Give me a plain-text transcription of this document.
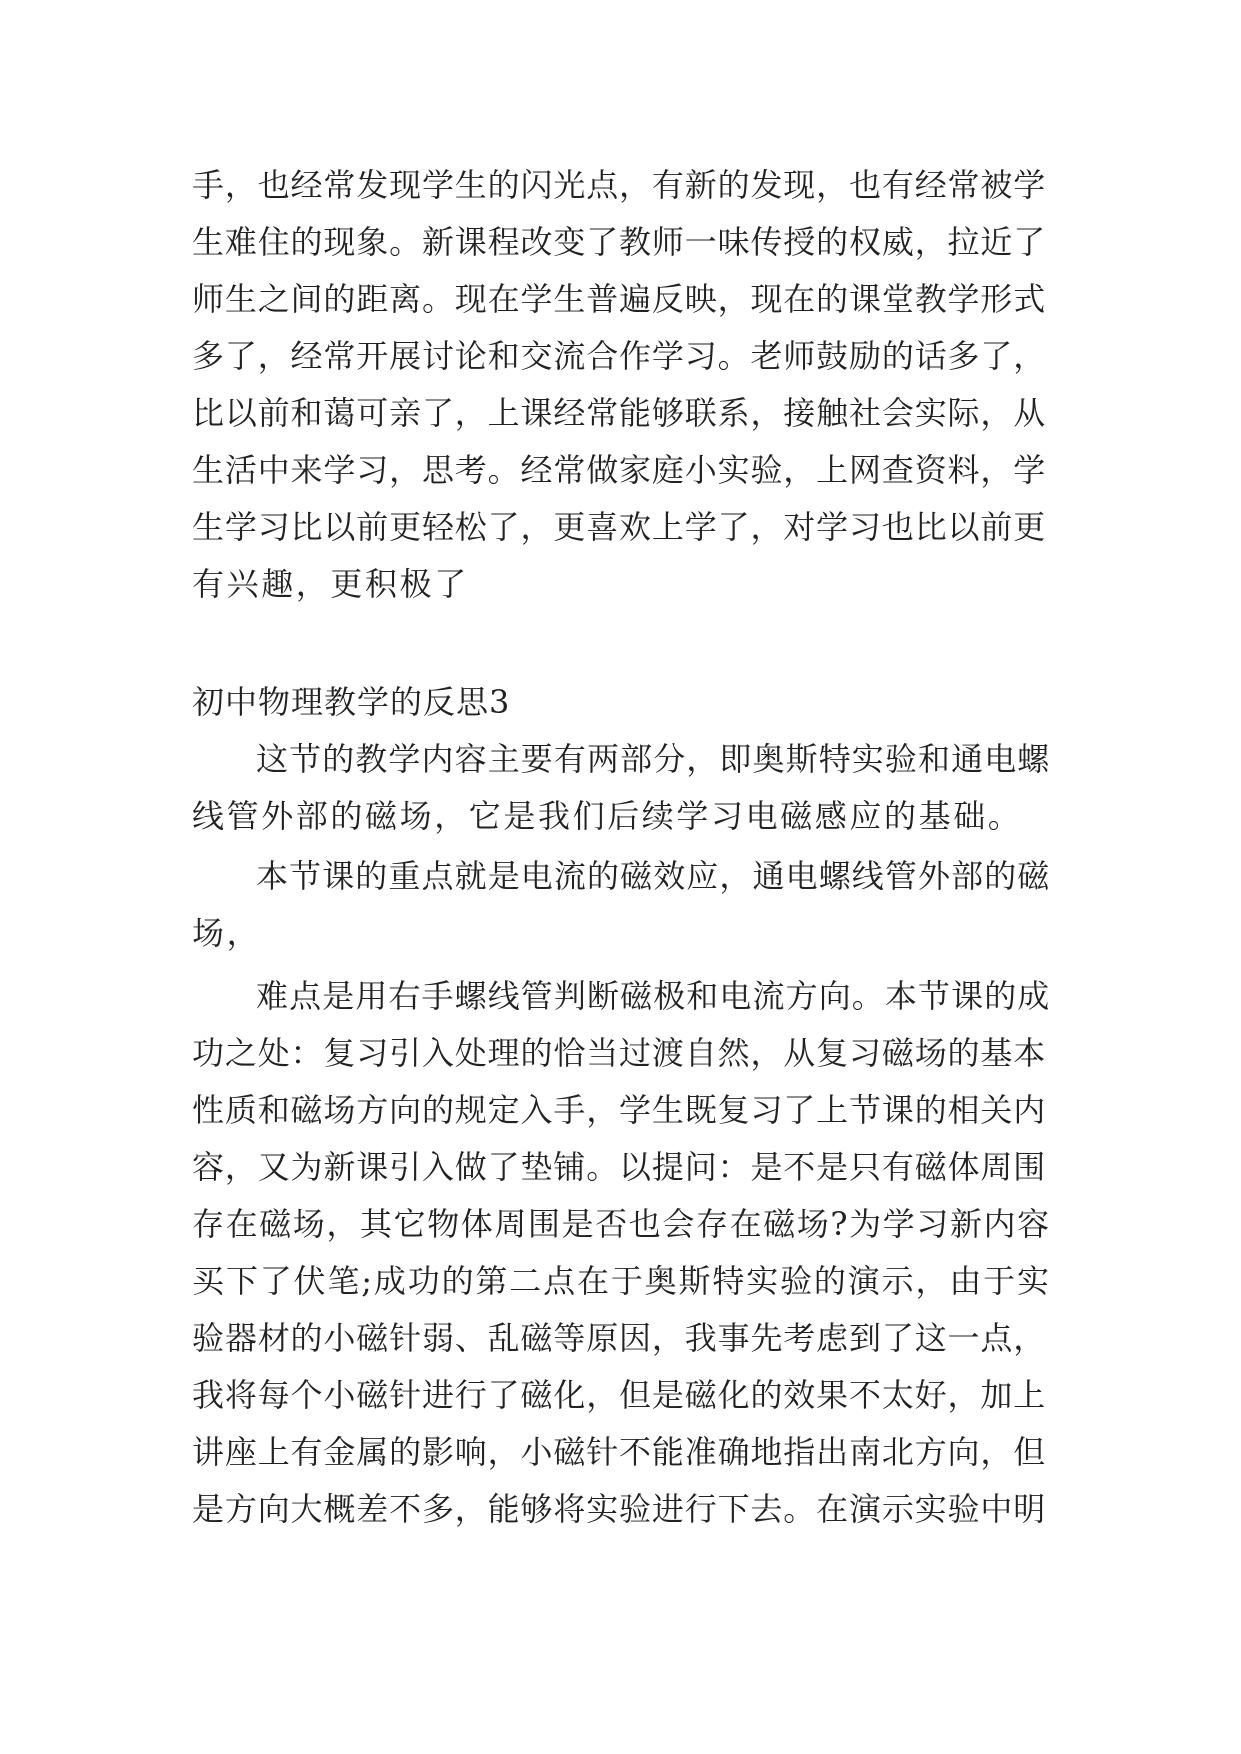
手，也经常发现学生的闪光点，有新的发现，也有经常被学
生难住的现象。新课程改变了教师一味传授的权威，拉近了
师生之间的距离。现在学生普遍反映，现在的课堂教学形式
多了，经常开展讨论和交流合作学习。老师鼓励的话多了，
比以前和蔼可亲了，上课经常能够联系，接触社会实际，从
生活中来学习，思考。经常做家庭小实验，上网查资料，学
生学习比以前更轻松了，更喜欢上学了，对学习也比以前更
有兴趣，更积极了
初中物理教学的反思3
这节的教学内容主要有两部分，即奥斯特实验和通电螺
线管外部的磁场，它是我们后续学习电磁感应的基础。
本节课的重点就是电流的磁效应，通电螺线管外部的磁
场，
难点是用右手螺线管判断磁极和电流方向。本节课的成
功之处：复习引入处理的恰当过渡自然，从复习磁场的基本
性质和磁场方向的规定入手，学生既复习了上节课的相关内
容，又为新课引入做了垫铺。以提问：是不是只有磁体周围
存在磁场，其它物体周围是否也会存在磁场?为学习新内容
买下了伏笔;成功的第二点在于奥斯特实验的演示，由于实
验器材的小磁针弱、乱磁等原因，我事先考虑到了这一点，
我将每个小磁针进行了磁化，但是磁化的效果不太好，加上
讲座上有金属的影响，小磁针不能准确地指出南北方向，但
是方向大概差不多，能够将实验进行下去。在演示实验中明
